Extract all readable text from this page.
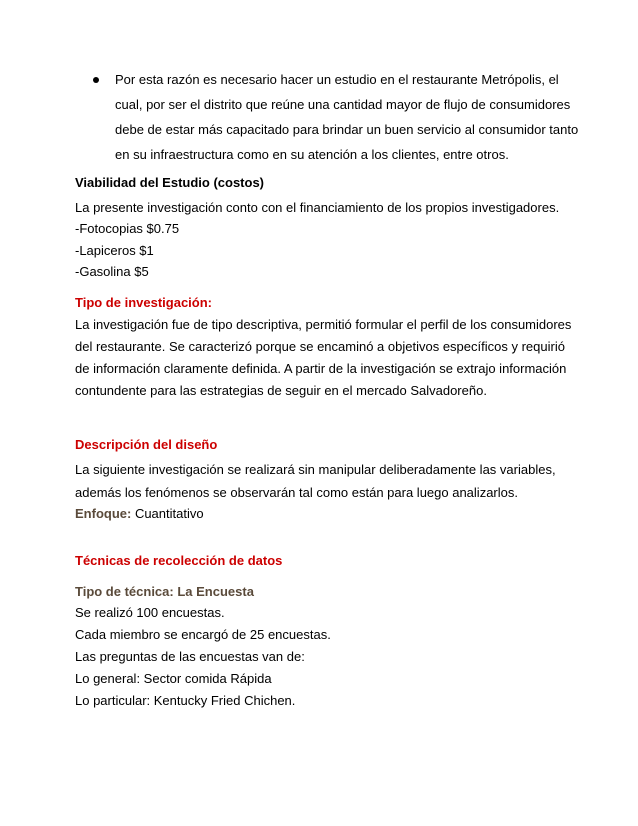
Por esta razón es necesario hacer un estudio en el restaurante Metrópolis, el
cual, por ser el distrito que reúne una cantidad mayor de flujo de consumidores
debe de estar más capacitado para brindar un buen servicio al consumidor tanto
en su infraestructura como en su atención a los clientes, entre otros.
Viabilidad del Estudio (costos)
La presente investigación conto con el financiamiento de los propios investigadores.
-Fotocopias $0.75
-Lapiceros $1
-Gasolina $5
Tipo de investigación:
La investigación fue de tipo descriptiva, permitió formular el perfil de los consumidores
del restaurante. Se caracterizó porque se encaminó a objetivos específicos y requirió
de información claramente definida. A partir de la investigación se extrajo información
contundente para las estrategias de seguir en el mercado Salvadoreño.
Descripción del diseño
La siguiente investigación se realizará sin manipular deliberadamente las variables,
además los fenómenos se observarán tal como están para luego analizarlos.
Enfoque: Cuantitativo
Técnicas de recolección de datos
Tipo de técnica: La Encuesta
Se realizó 100 encuestas.
Cada miembro se encargó de 25 encuestas.
Las preguntas de las encuestas van de:
Lo general: Sector comida Rápida
Lo particular: Kentucky Fried Chichen.
